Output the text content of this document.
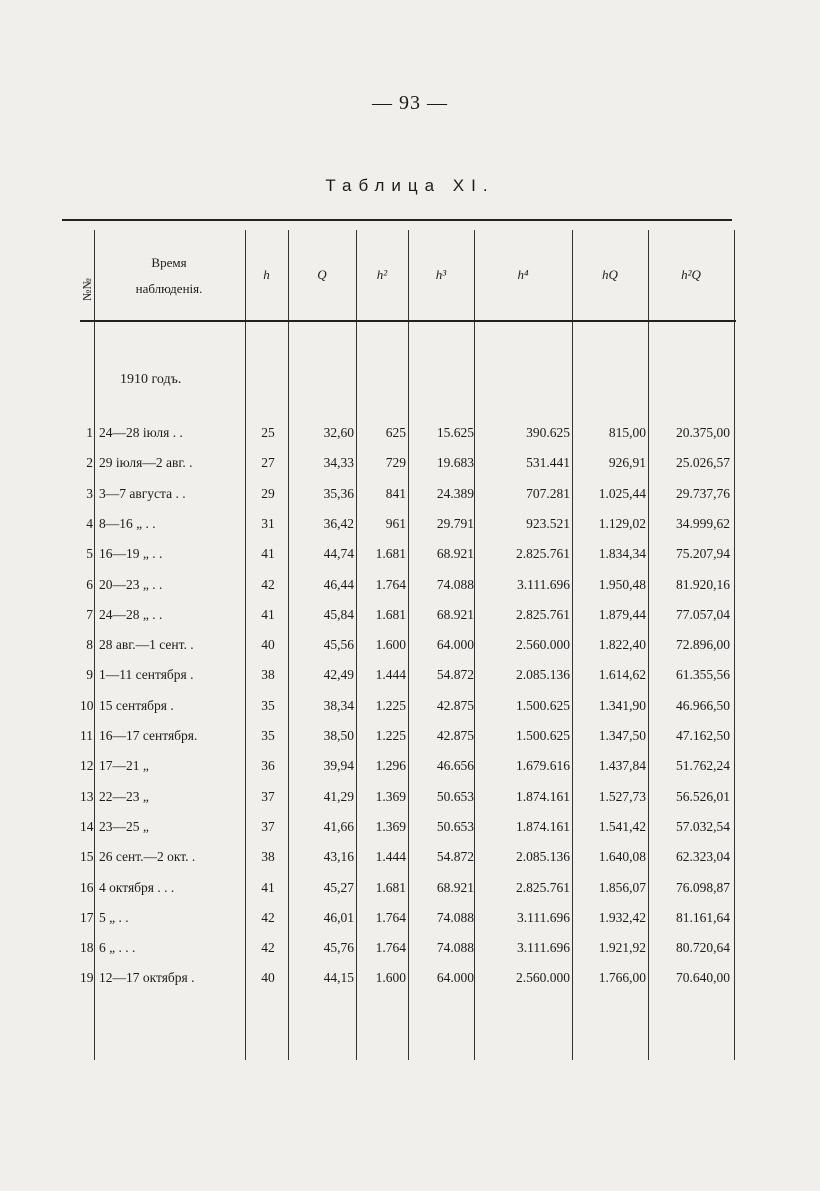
— 93 —
Таблица XI.
№№
Время
наблюденія.
h	Q	h²	h³	h⁴	hQ	h²Q
1910 годъ.
1 24—28 іюля . .	25	32,60	625	15.625	390.625	815,00	20.375,00
2 29 іюля—2 авг. .	27	34,33	729	19.683	531.441	926,91	25.026,57
3 3—7 августа . .	29	35,36	841	24.389	707.281	1.025,44	29.737,76
4 8—16 „ . .	31	36,42	961	29.791	923.521	1.129,02	34.999,62
5 16—19 „ . .	41	44,74	1.681	68.921	2.825.761	1.834,34	75.207,94
6 20—23 „ . .	42	46,44	1.764	74.088	3.111.696	1.950,48	81.920,16
7 24—28 „ . .	41	45,84	1.681	68.921	2.825.761	1.879,44	77.057,04
8 28 авг.—1 сент. .	40	45,56	1.600	64.000	2.560.000	1.822,40	72.896,00
9 1—11 сентября .	38	42,49	1.444	54.872	2.085.136	1.614,62	61.355,56
10 15 сентября .	35	38,34	1.225	42.875	1.500.625	1.341,90	46.966,50
11 16—17 сентября.	35	38,50	1.225	42.875	1.500.625	1.347,50	47.162,50
12 17—21 „	36	39,94	1.296	46.656	1.679.616	1.437,84	51.762,24
13 22—23 „	37	41,29	1.369	50.653	1.874.161	1.527,73	56.526,01
14 23—25 „	37	41,66	1.369	50.653	1.874.161	1.541,42	57.032,54
15 26 сент.—2 окт. .	38	43,16	1.444	54.872	2.085.136	1.640,08	62.323,04
16 4 октября . . .	41	45,27	1.681	68.921	2.825.761	1.856,07	76.098,87
17 5 „ . .	42	46,01	1.764	74.088	3.111.696	1.932,42	81.161,64
18 6 „ . . .	42	45,76	1.764	74.088	3.111.696	1.921,92	80.720,64
19 12—17 октября .	40	44,15	1.600	64.000	2.560.000	1.766,00	70.640,00
